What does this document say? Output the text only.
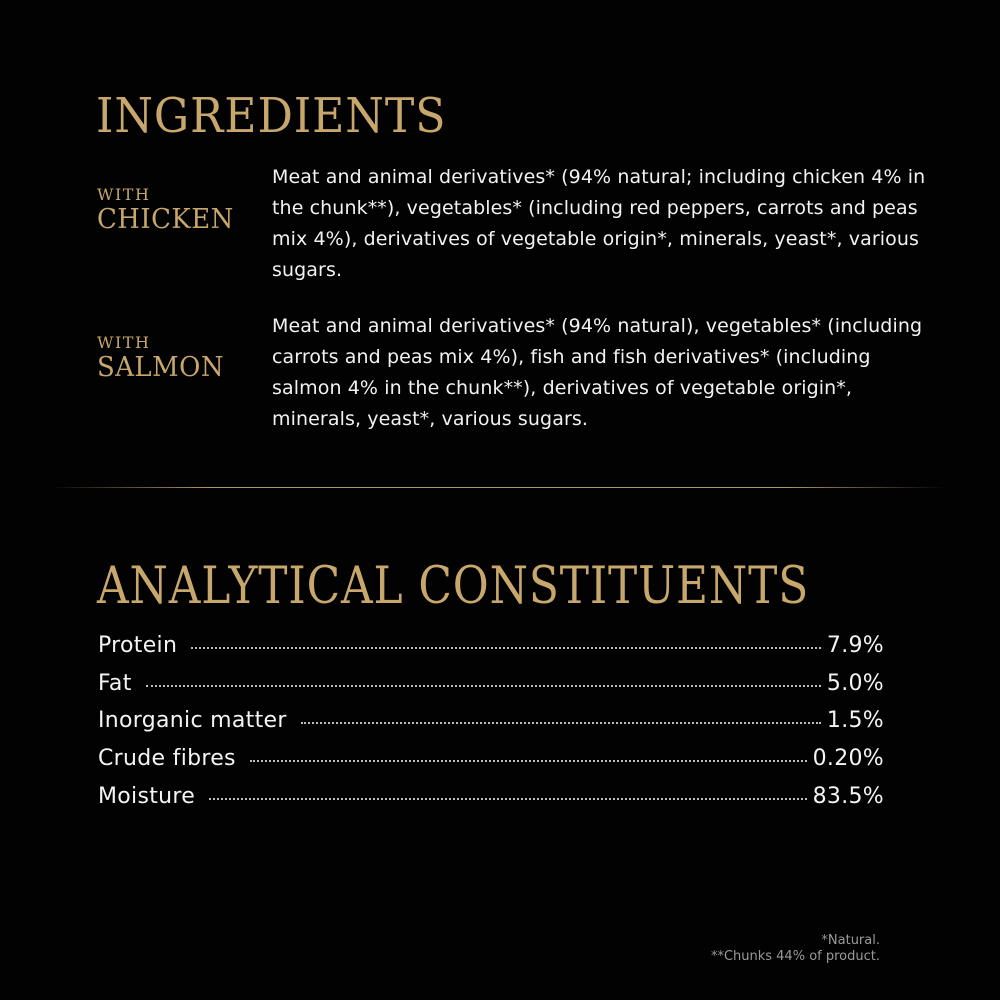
INGREDIENTS
WITH
CHICKEN

Meat and animal derivatives* (94% natural; including chicken 4% in the chunk**), vegetables* (including red peppers, carrots and peas mix 4%), derivatives of vegetable origin*, minerals, yeast*, various sugars.

WITH
SALMON

Meat and animal derivatives* (94% natural), vegetables* (including carrots and peas mix 4%), fish and fish derivatives* (including salmon 4% in the chunk**), derivatives of vegetable origin*, minerals, yeast*, various sugars.

ANALYTICAL CONSTITUENTS
Protein	7.9%
Fat	5.0%
Inorganic matter	1.5%
Crude fibres	0.20%
Moisture	83.5%
*Natural.
**Chunks 44% of product.
